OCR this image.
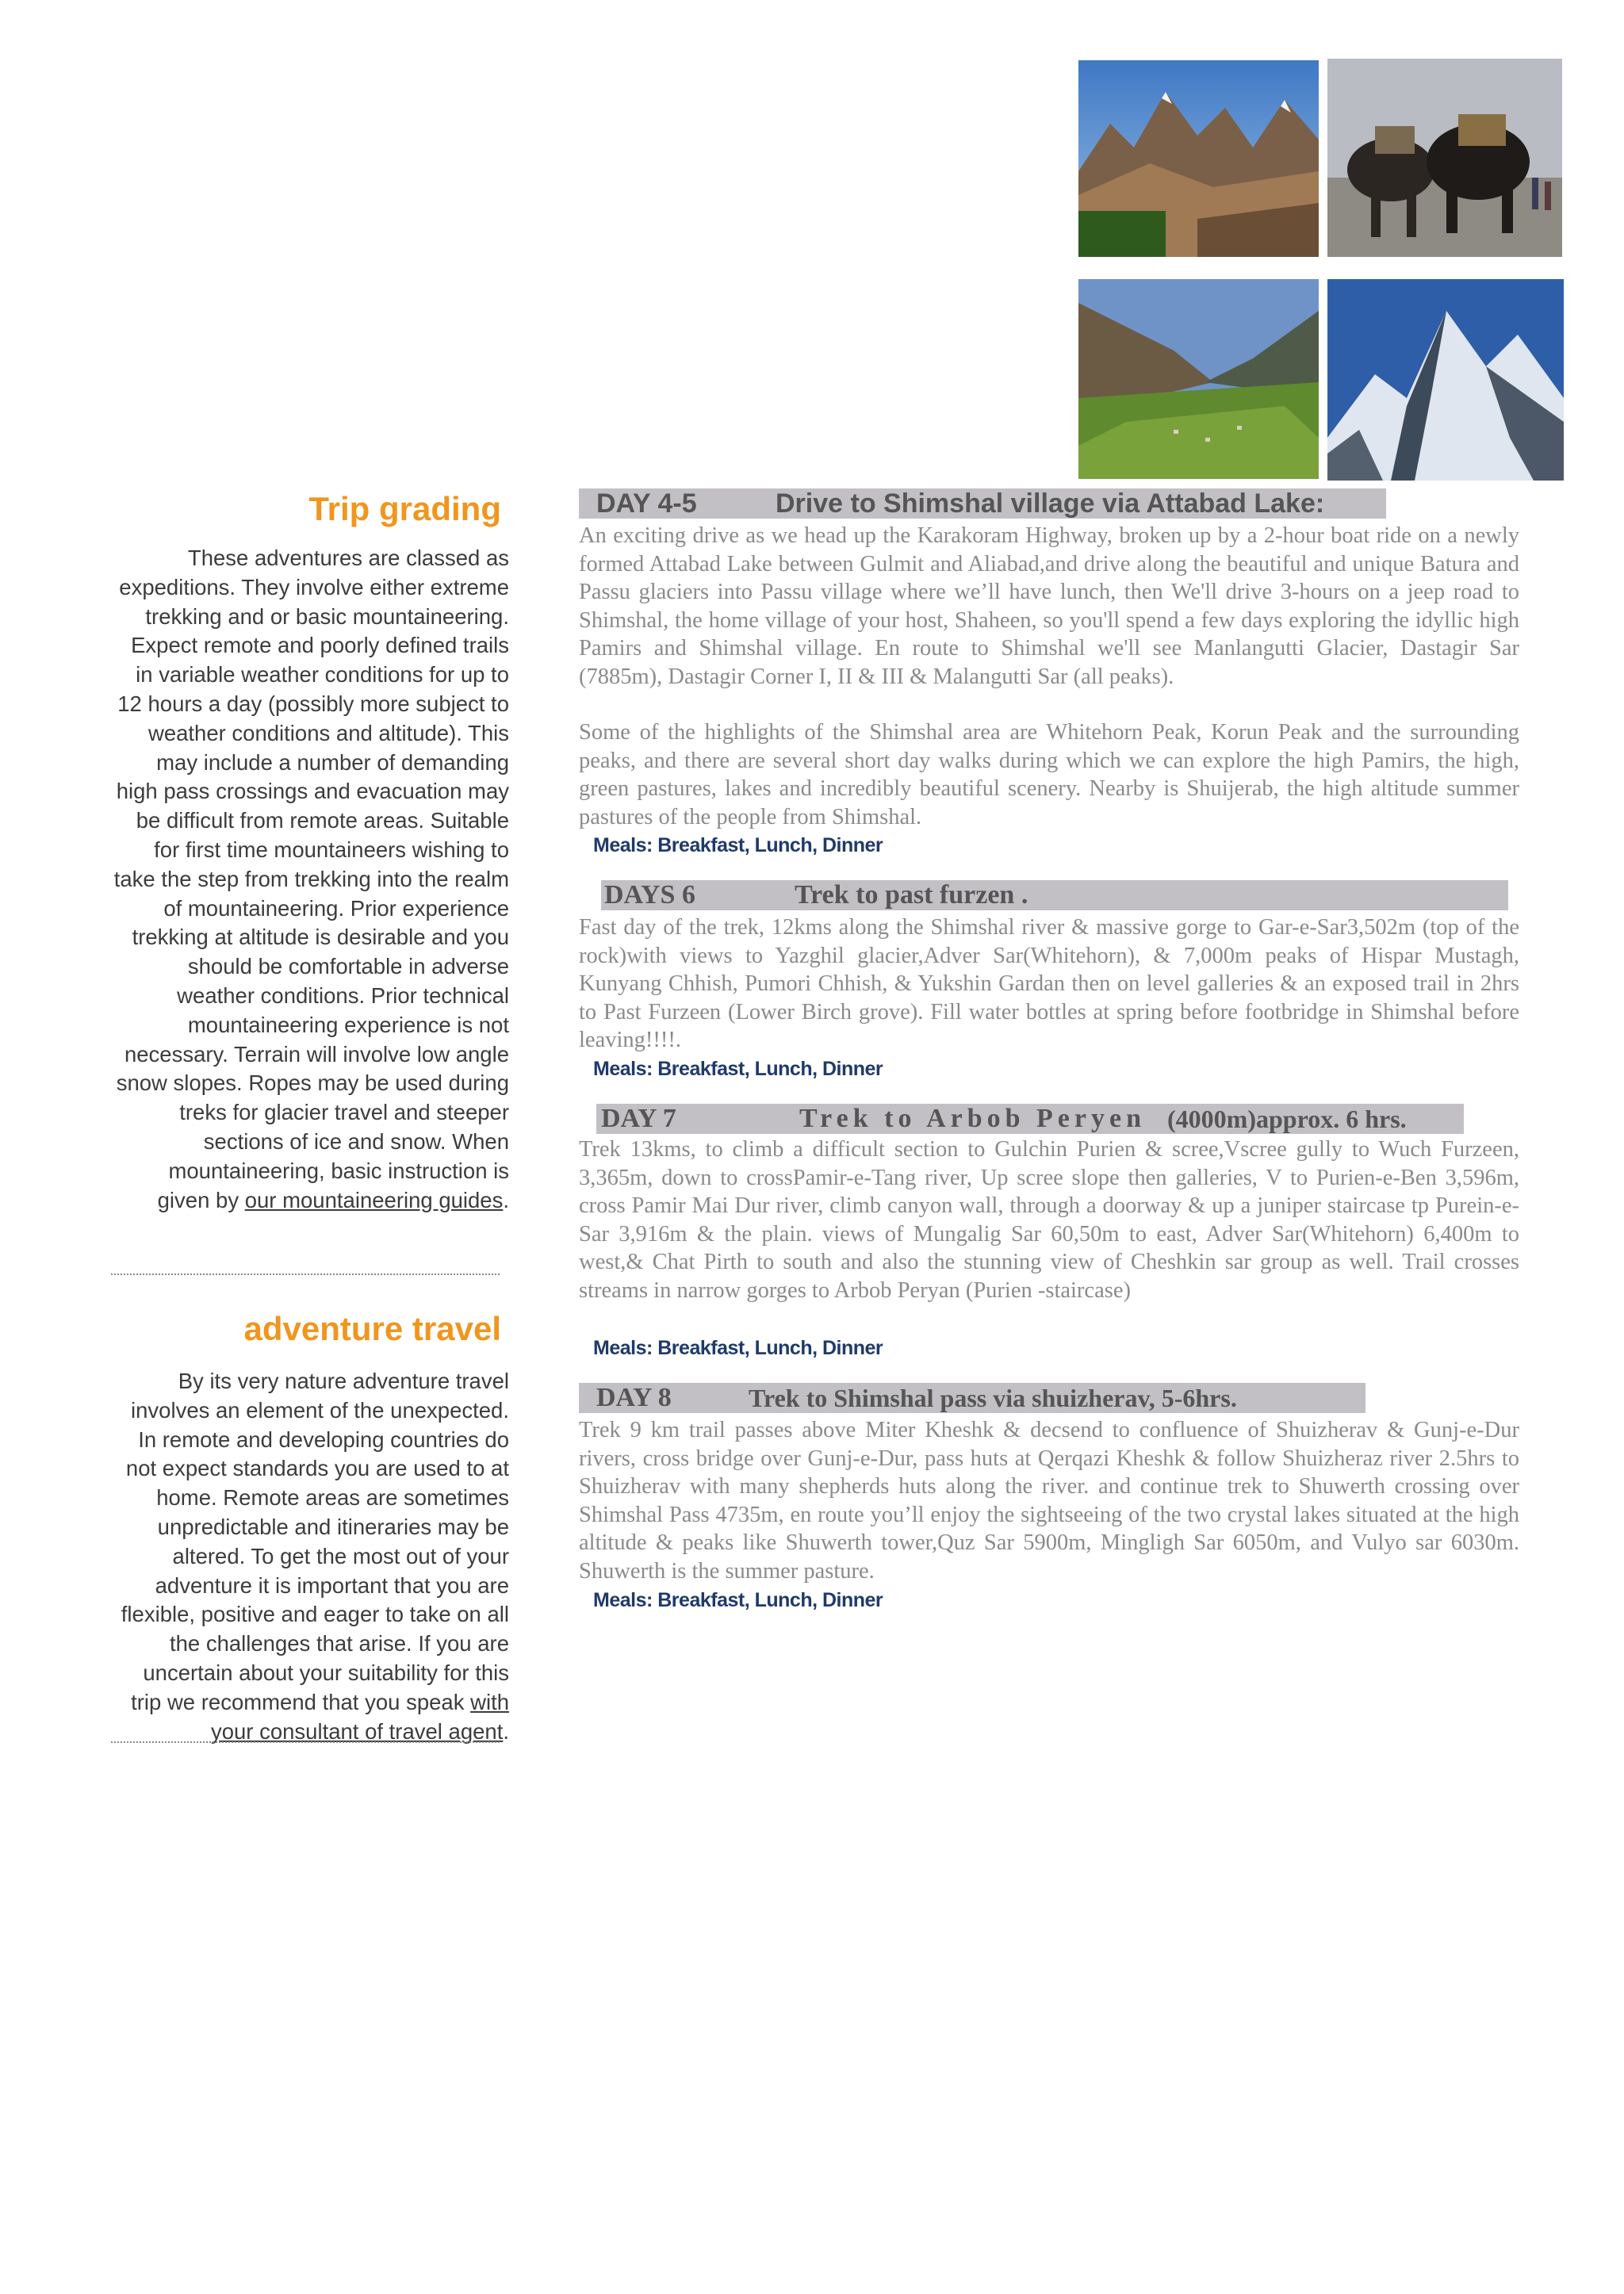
Trip grading

These adventures are classed as expeditions. They involve either extreme trekking and or basic mountaineering. Expect remote and poorly defined trails in variable weather conditions for up to 12 hours a day (possibly more subject to weather conditions and altitude). This may include a number of demanding high pass crossings and evacuation may be difficult from remote areas. Suitable for first time mountaineers wishing to take the step from trekking into the realm of mountaineering. Prior experience trekking at altitude is desirable and you should be comfortable in adverse weather conditions. Prior technical mountaineering experience is not necessary. Terrain will involve low angle snow slopes. Ropes may be used during treks for glacier travel and steeper sections of ice and snow. When mountaineering, basic instruction is given by our mountaineering guides.

adventure travel

By its very nature adventure travel involves an element of the unexpected. In remote and developing countries do not expect standards you are used to at home. Remote areas are sometimes unpredictable and itineraries may be altered. To get the most out of your adventure it is important that you are flexible, positive and eager to take on all the challenges that arise. If you are uncertain about your suitability for this trip we recommend that you speak with your consultant of travel agent.

DAY 4-5	Drive to Shimshal village via Attabad Lake:

An exciting drive as we head up the Karakoram Highway, broken up by a 2-hour boat ride on a newly formed Attabad Lake between Gulmit and Aliabad,and drive along the beautiful and unique Batura and Passu glaciers into Passu village where we’ll have lunch, then We'll drive 3-hours on a jeep road to Shimshal, the home village of your host, Shaheen, so you'll spend a few days exploring the idyllic high Pamirs and Shimshal village. En route to Shimshal we'll see Manlangutti Glacier, Dastagir Sar (7885m), Dastagir Corner I, II & III & Malangutti Sar (all peaks).

Some of the highlights of the Shimshal area are Whitehorn Peak, Korun Peak and the surrounding peaks, and there are several short day walks during which we can explore the high Pamirs, the high, green pastures, lakes and incredibly beautiful scenery. Nearby is Shuijerab, the high altitude summer pastures of the people from Shimshal.

Meals: Breakfast, Lunch, Dinner
DAYS 6	Trek to past furzen .

Fast day of the trek, 12kms along the Shimshal river & massive gorge to Gar-e-Sar3,502m (top of the rock)with views to Yazghil glacier,Adver Sar(Whitehorn), & 7,000m peaks of Hispar Mustagh, Kunyang Chhish, Pumori Chhish, & Yukshin Gardan then on level galleries & an exposed trail in 2hrs to Past Furzeen (Lower Birch grove). Fill water bottles at spring before footbridge in Shimshal before leaving!!!!.

Meals: Breakfast, Lunch, Dinner
DAY 7	Trek to Arbob Peryen (4000m)approx. 6 hrs.

Trek 13kms, to climb a difficult section to Gulchin Purien & scree,Vscree gully to Wuch Furzeen, 3,365m, down to crossPamir-e-Tang river, Up scree slope then galleries, V to Purien-e-Ben 3,596m, cross Pamir Mai Dur river, climb canyon wall, through a doorway & up a juniper staircase tp Purein-e-Sar 3,916m & the plain. views of Mungalig Sar 60,50m to east, Adver Sar(Whitehorn) 6,400m to west,& Chat Pirth to south and also the stunning view of Cheshkin sar group as well. Trail crosses streams in narrow gorges to Arbob Peryan (Purien -staircase)

Meals: Breakfast, Lunch, Dinner
DAY 8	Trek to Shimshal pass via shuizherav, 5-6hrs.

Trek 9 km trail passes above Miter Kheshk & decsend to confluence of Shuizherav & Gunj-e-Dur rivers, cross bridge over Gunj-e-Dur, pass huts at Qerqazi Kheshk & follow Shuizheraz river 2.5hrs to Shuizherav with many shepherds huts along the river. and continue trek to Shuwerth crossing over Shimshal Pass 4735m, en route you’ll enjoy the sightseeing of the two crystal lakes situated at the high altitude & peaks like Shuwerth tower,Quz Sar 5900m, Mingligh Sar 6050m, and Vulyo sar 6030m. Shuwerth is the summer pasture.

Meals: Breakfast, Lunch, Dinner
